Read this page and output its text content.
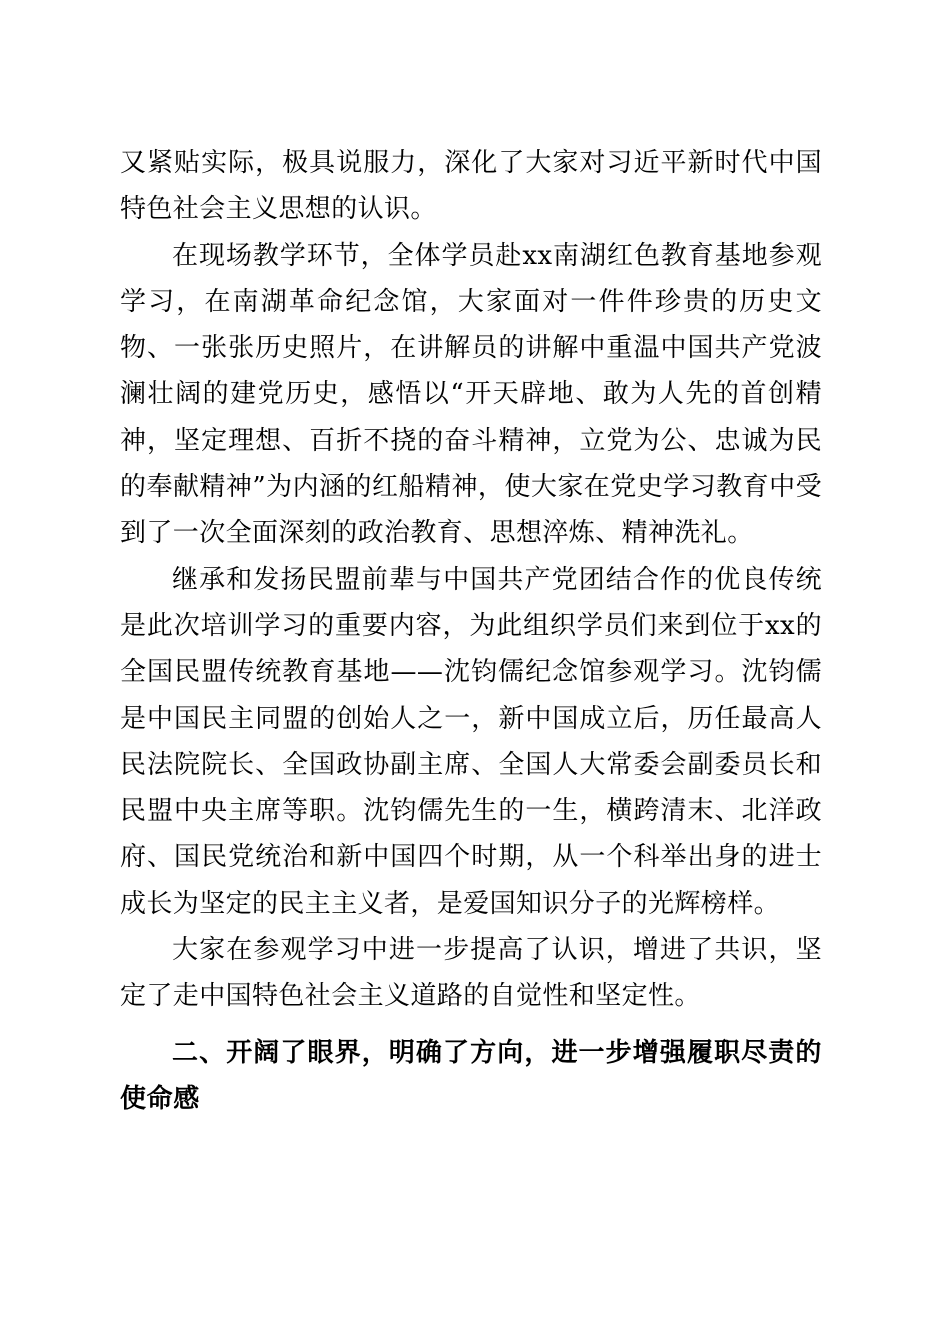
又紧贴实际，极具说服力，深化了大家对习近平新时代中国特色社会主义思想的认识。

在现场教学环节，全体学员赴xx南湖红色教育基地参观学习，在南湖革命纪念馆，大家面对一件件珍贵的历史文物、一张张历史照片，在讲解员的讲解中重温中国共产党波澜壮阔的建党历史，感悟以“开天辟地、敢为人先的首创精神，坚定理想、百折不挠的奋斗精神，立党为公、忠诚为民的奉献精神”为内涵的红船精神，使大家在党史学习教育中受到了一次全面深刻的政治教育、思想淬炼、精神洗礼。

继承和发扬民盟前辈与中国共产党团结合作的优良传统是此次培训学习的重要内容，为此组织学员们来到位于xx的全国民盟传统教育基地——沈钧儒纪念馆参观学习。沈钧儒是中国民主同盟的创始人之一，新中国成立后，历任最高人民法院院长、全国政协副主席、全国人大常委会副委员长和民盟中央主席等职。沈钧儒先生的一生，横跨清末、北洋政府、国民党统治和新中国四个时期，从一个科举出身的进士成长为坚定的民主主义者，是爱国知识分子的光辉榜样。

大家在参观学习中进一步提高了认识，增进了共识，坚定了走中国特色社会主义道路的自觉性和坚定性。

二、开阔了眼界，明确了方向，进一步增强履职尽责的使命感
